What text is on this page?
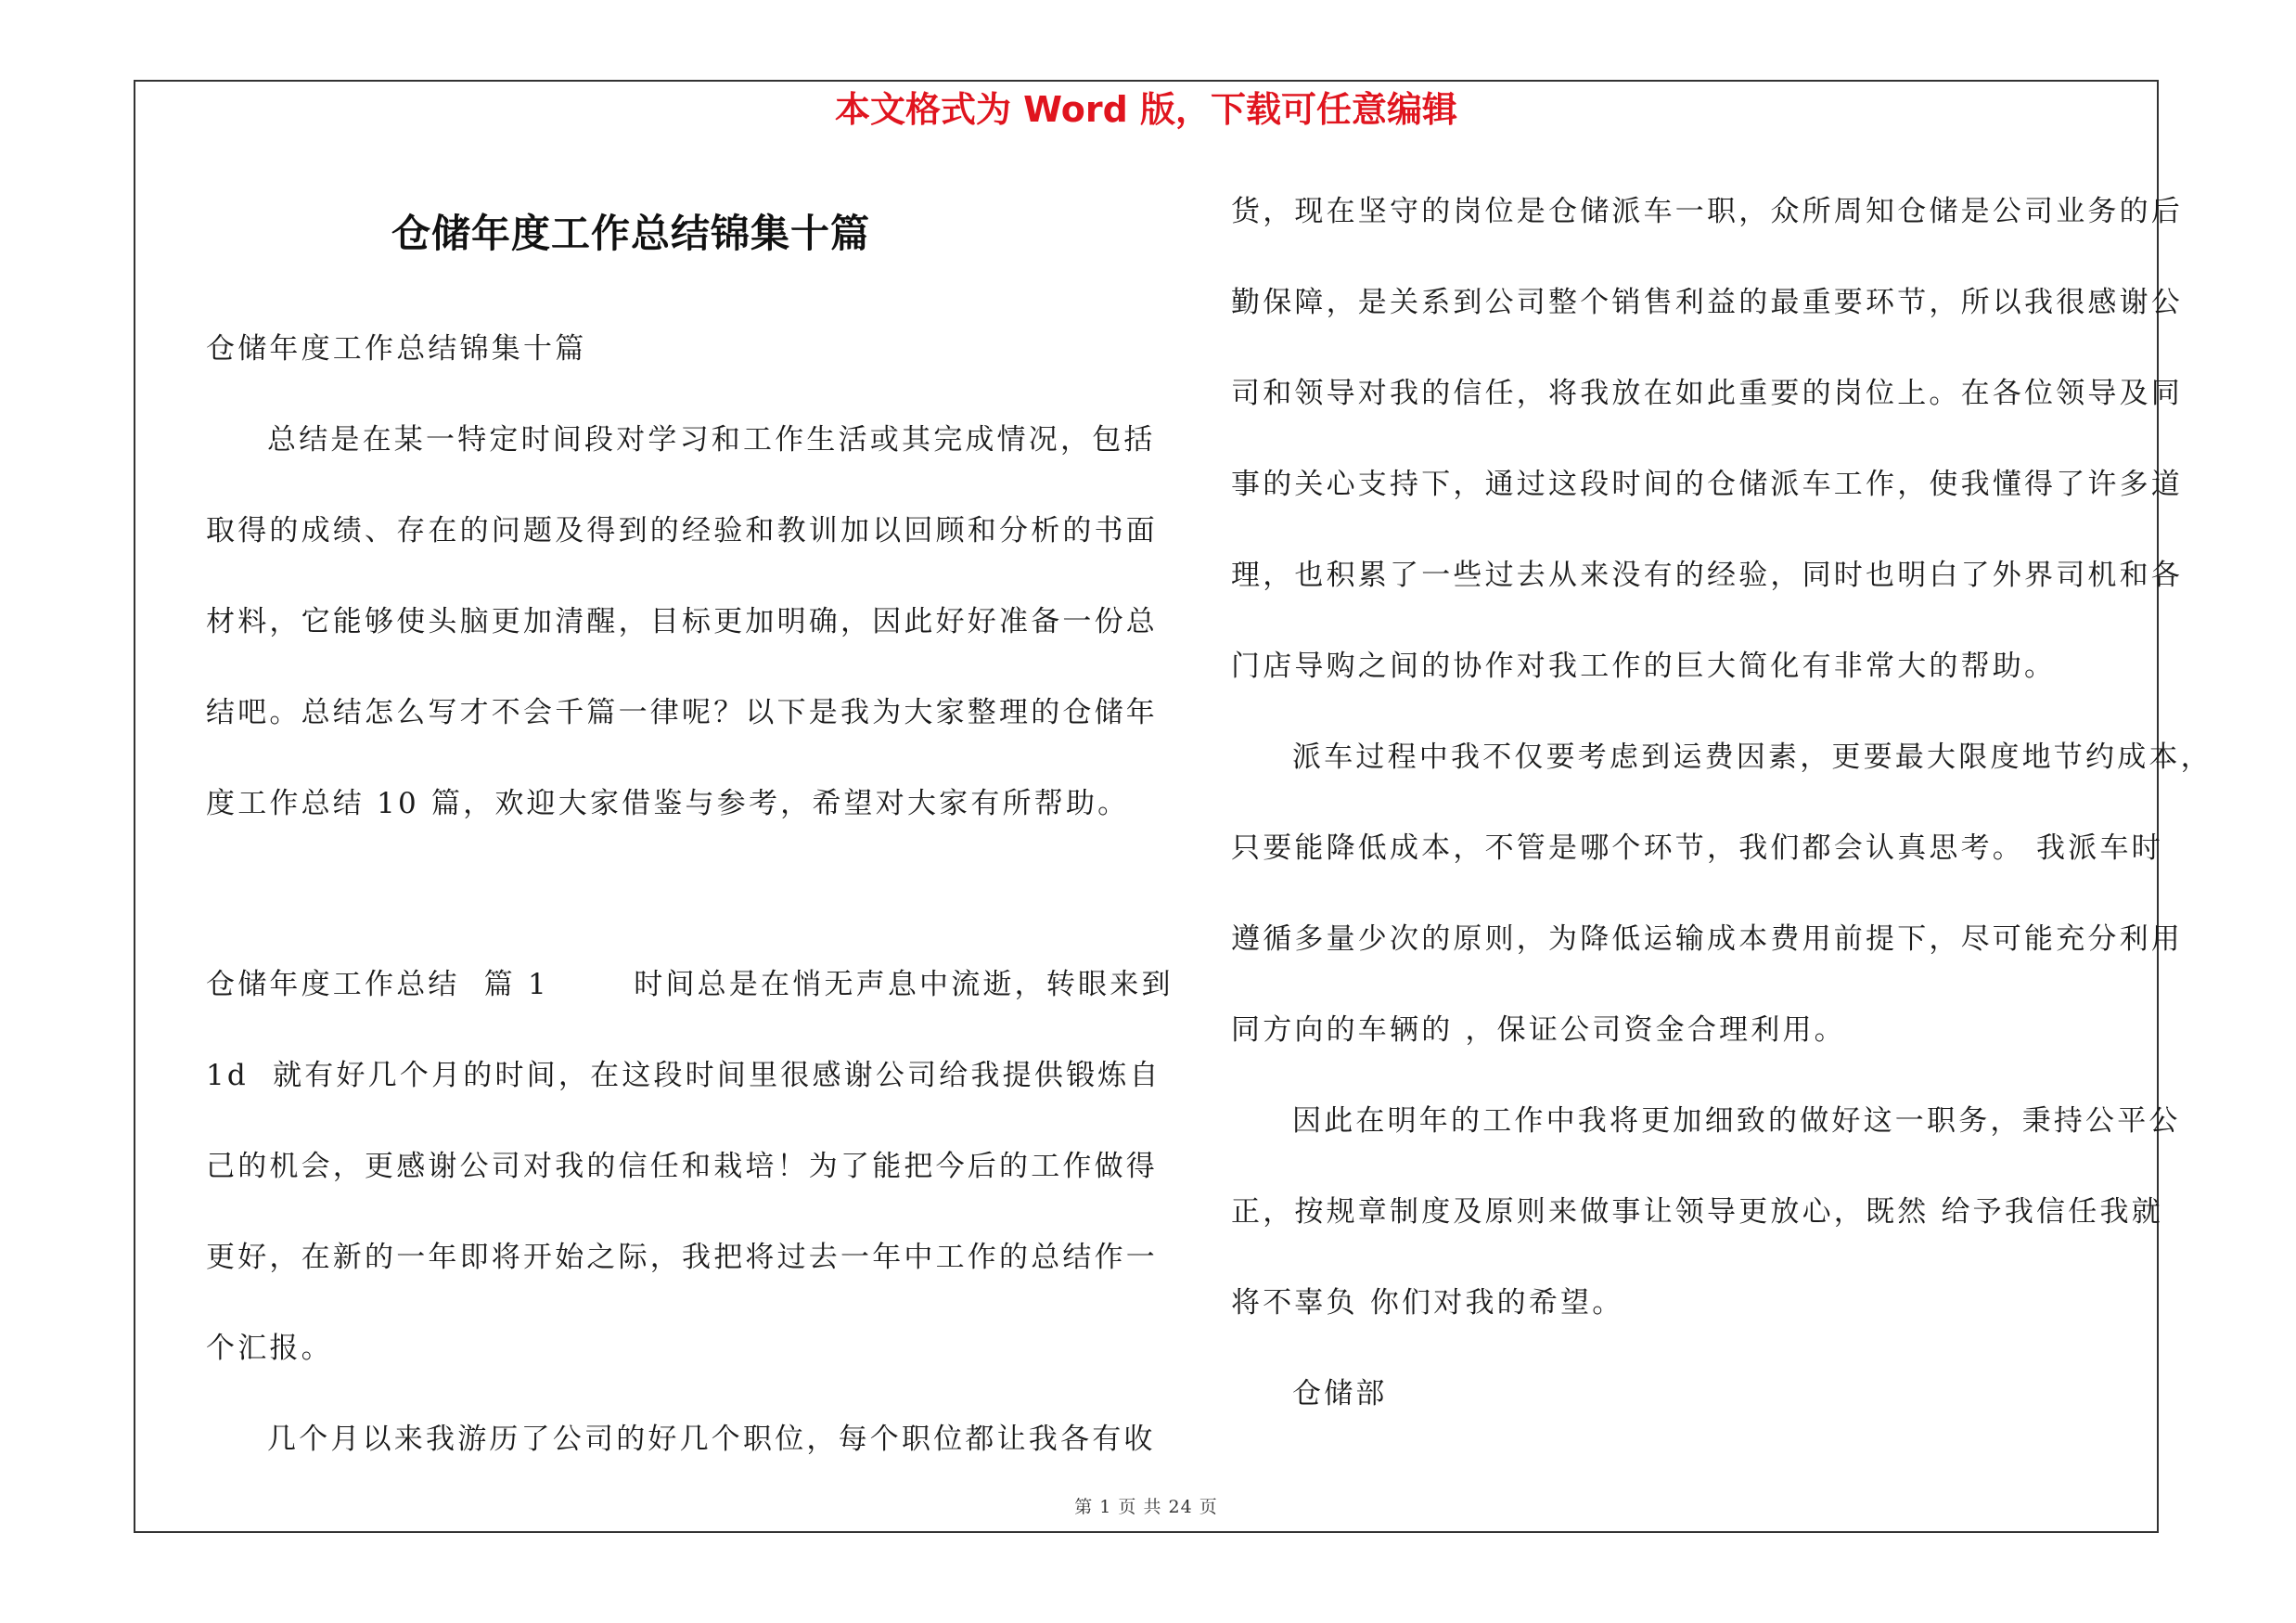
本文格式为 Word 版，下载可任意编辑
仓储年度工作总结锦集十篇
仓储年度工作总结锦集十篇
总结是在某一特定时间段对学习和工作生活或其完成情况，包括
取得的成绩、存在的问题及得到的经验和教训加以回顾和分析的书面
材料，它能够使头脑更加清醒，目标更加明确，因此好好准备一份总
结吧。总结怎么写才不会千篇一律呢？以下是我为大家整理的仓储年
度工作总结 10 篇，欢迎大家借鉴与参考，希望对大家有所帮助。
仓储年度工作总结  篇 1       时间总是在悄无声息中流逝，转眼来到
1d  就有好几个月的时间，在这段时间里很感谢公司给我提供锻炼自
己的机会，更感谢公司对我的信任和栽培！为了能把今后的工作做得
更好，在新的一年即将开始之际，我把将过去一年中工作的总结作一
个汇报。
几个月以来我游历了公司的好几个职位，每个职位都让我各有收
货，现在坚守的岗位是仓储派车一职，众所周知仓储是公司业务的后
勤保障，是关系到公司整个销售利益的最重要环节，所以我很感谢公
司和领导对我的信任，将我放在如此重要的岗位上。在各位领导及同
事的关心支持下，通过这段时间的仓储派车工作，使我懂得了许多道
理，也积累了一些过去从来没有的经验，同时也明白了外界司机和各
门店导购之间的协作对我工作的巨大简化有非常大的帮助。
派车过程中我不仅要考虑到运费因素，更要最大限度地节约成本，
只要能降低成本，不管是哪个环节，我们都会认真思考。 我派车时
遵循多量少次的原则，为降低运输成本费用前提下，尽可能充分利用
同方向的车辆的 ，保证公司资金合理利用。
因此在明年的工作中我将更加细致的做好这一职务，秉持公平公
正，按规章制度及原则来做事让领导更放心，既然 给予我信任我就
将不辜负 你们对我的希望。
仓储部
第 1 页 共 24 页
